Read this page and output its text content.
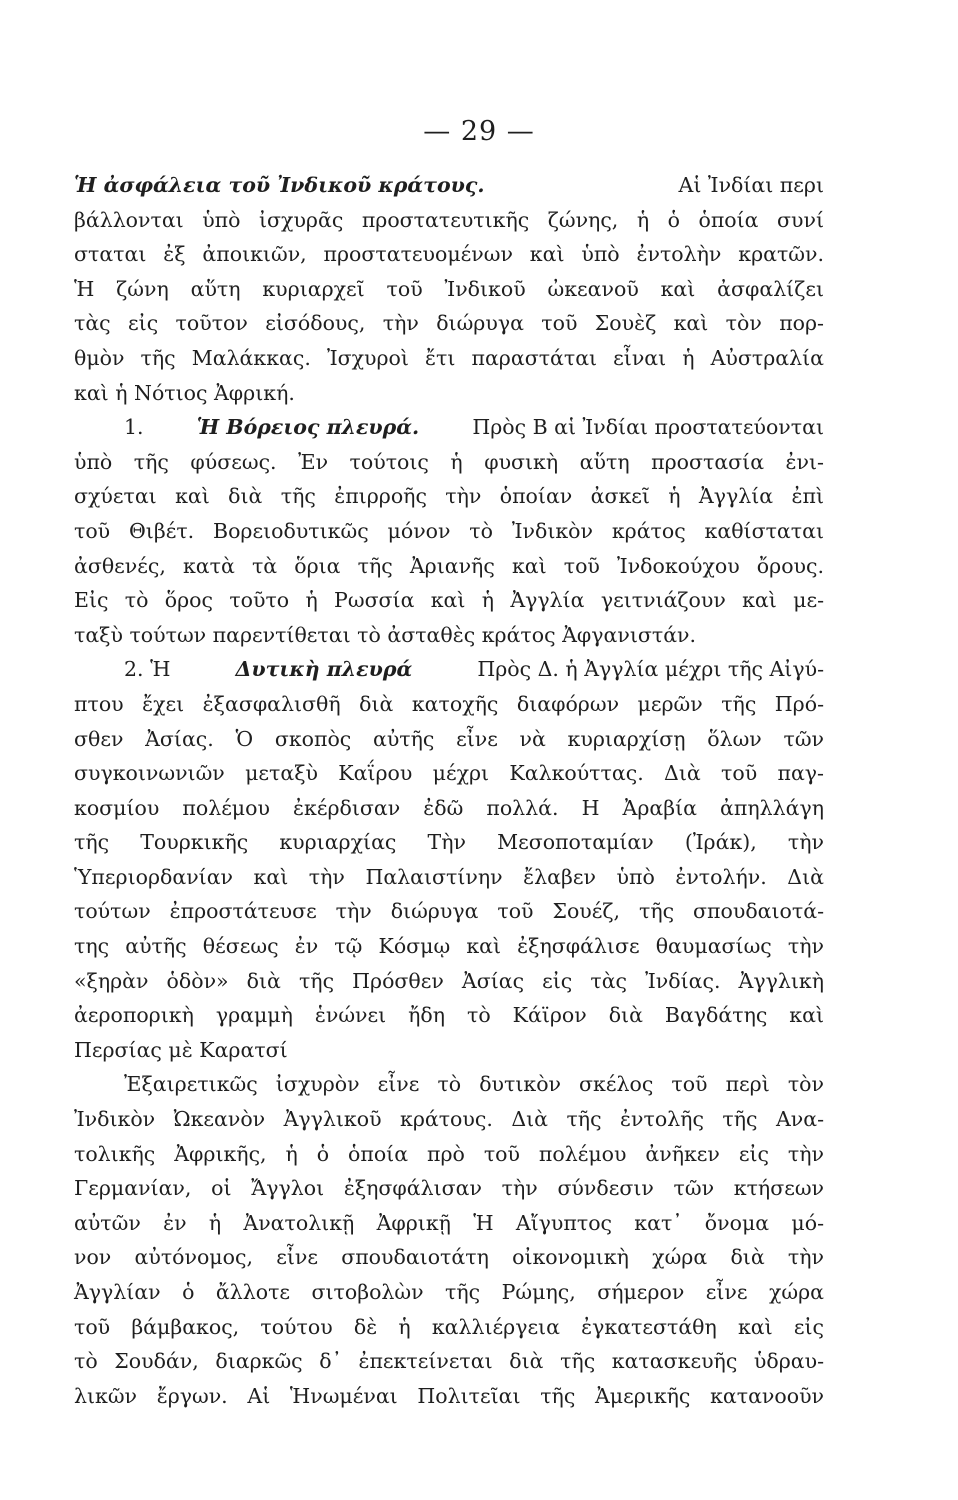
— 29 —
Ἡ ἀσφάλεια τοῦ Ἰνδικοῦ κράτους.	Αἱ Ἰνδίαι περι
βάλλονται ὑπὸ ἰσχυρᾶς προστατευτικῆς ζώνης, ἡ ὁ ὁποία συνί
σταται ἐξ ἀποικιῶν, προστατευομένων καὶ ὑπὸ ἐντολὴν κρατῶν.
Ἡ ζώνη αὕτη κυριαρχεῖ τοῦ Ἰνδικοῦ ὠκεανοῦ καὶ ἀσφαλίζει
τὰς εἰς τοῦτον εἰσόδους, τὴν διώρυγα τοῦ Σουὲζ καὶ τὸν πορ-
θμὸν τῆς Μαλάκκας. Ἰσχυροὶ ἔτι παραστάται εἶναι ἡ Αὐστραλία
καὶ ἡ Νότιος Ἀφρική.
1.	Ἡ Βόρειος πλευρά.	Πρὸς Β αἱ Ἰνδίαι προστατεύονται
ὑπὸ τῆς φύσεως. Ἐν τούτοις ἡ φυσικὴ αὕτη προστασία ἐνι-
σχύεται καὶ διὰ τῆς ἐπιρροῆς τὴν ὁποίαν ἀσκεῖ ἡ Ἀγγλία ἐπὶ
τοῦ Θιβέτ. Βορειοδυτικῶς μόνον τὸ Ἰνδικὸν κράτος καθίσταται
ἀσθενές, κατὰ τὰ ὅρια τῆς Ἀριανῆς καὶ τοῦ Ἰνδοκούχου ὄρους.
Εἰς τὸ ὅρος τοῦτο ἡ Ρωσσία καὶ ἡ Ἀγγλία γειτνιάζουν καὶ με-
ταξὺ τούτων παρεντίθεται τὸ ἀσταθὲς κράτος Ἀφγανιστάν.
2. Ἡ	Δυτικὴ πλευρά	Πρὸς Δ. ἡ Ἀγγλία μέχρι τῆς Αἰγύ-
πτου ἔχει ἐξασφαλισθῆ διὰ κατοχῆς διαφόρων μερῶν τῆς Πρό-
σθεν Ἀσίας. Ὁ σκοπὸς αὐτῆς εἶνε νὰ κυριαρχίσῃ ὅλων τῶν
συγκοινωνιῶν μεταξὺ Καΐρου μέχρι Καλκούττας. Διὰ τοῦ παγ-
κοσμίου πολέμου ἐκέρδισαν ἐδῶ πολλά. Η Ἀραβία ἀπηλλάγη
τῆς Τουρκικῆς κυριαρχίας Τὴν Μεσοποταμίαν (Ἰράκ), τὴν
Ὑπεριορδανίαν καὶ τὴν Παλαιστίνην ἔλαβεν ὑπὸ ἐντολήν. Διὰ
τούτων ἐπροστάτευσε τὴν διώρυγα τοῦ Σουέζ, τῆς σπουδαιοτά-
της αὐτῆς θέσεως ἐν τῷ Κόσμῳ καὶ ἐξησφάλισε θαυμασίως τὴν
«ξηρὰν ὁδὸν» διὰ τῆς Πρόσθεν Ἀσίας εἰς τὰς Ἰνδίας. Ἀγγλικὴ
ἀεροπορικὴ γραμμὴ ἑνώνει ἤδη τὸ Κάϊρον διὰ Βαγδάτης καὶ
Περσίας μὲ Καρατσί
Ἐξαιρετικῶς ἰσχυρὸν εἶνε τὸ δυτικὸν σκέλος τοῦ περὶ τὸν
Ἰνδικὸν Ὠκεανὸν Ἀγγλικοῦ κράτους. Διὰ τῆς ἐντολῆς τῆς Ανα-
τολικῆς Ἀφρικῆς, ἡ ὁ ὁποία πρὸ τοῦ πολέμου ἀνῆκεν εἰς τὴν
Γερμανίαν, οἱ Ἄγγλοι ἐξησφάλισαν τὴν σύνδεσιν τῶν κτήσεων
αὐτῶν ἐν ἡ Ἀνατολικῇ Ἀφρικῇ Ἡ Αἴγυπτος κατ᾿ ὄνομα μό-
νον αὐτόνομος, εἶνε σπουδαιοτάτη οἰκονομικὴ χώρα διὰ τὴν
Ἀγγλίαν ὁ ἄλλοτε σιτοβολὼν τῆς Ρώμης, σήμερον εἶνε χώρα
τοῦ βάμβακος, τούτου δὲ ἡ καλλιέργεια ἐγκατεστάθη καὶ εἰς
τὸ Σουδάν, διαρκῶς δ᾿ ἐπεκτείνεται διὰ τῆς κατασκευῆς ὑδραυ-
λικῶν ἔργων. Αἱ Ἡνωμέναι Πολιτεῖαι τῆς Ἀμερικῆς κατανοοῦν
